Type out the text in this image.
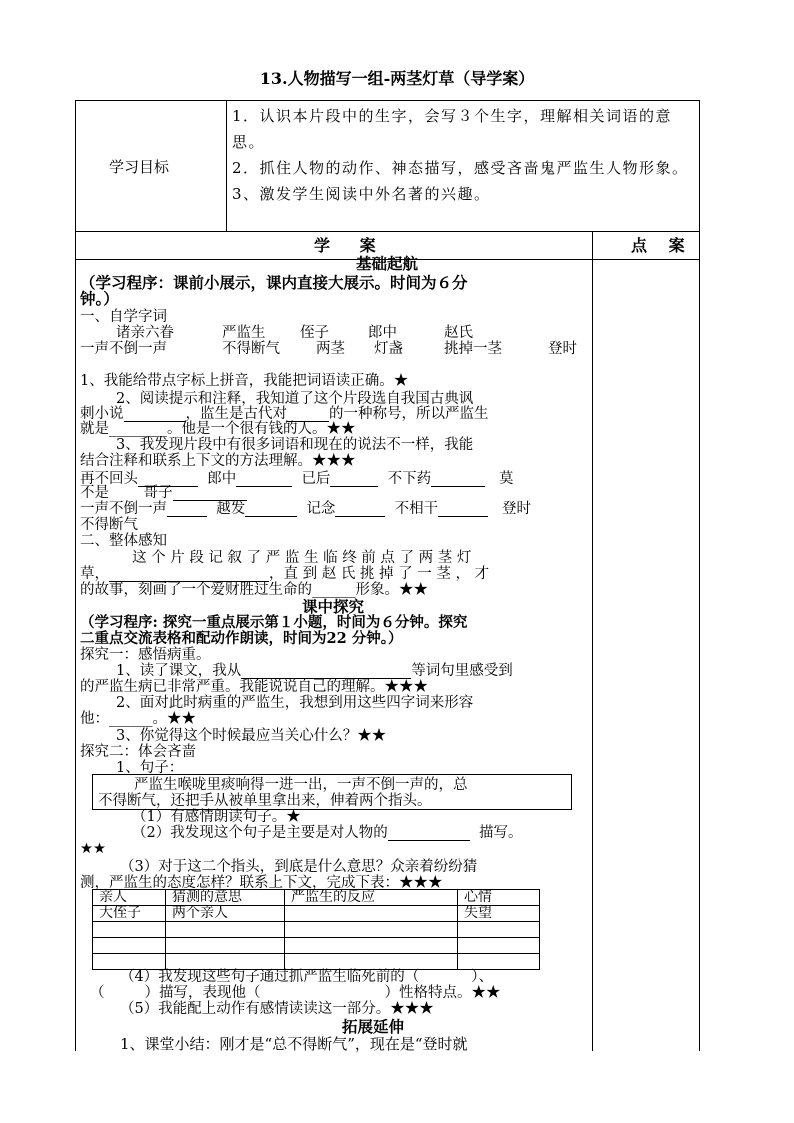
13.人物描写一组-两茎灯草（导学案）
学习目标
1．认识本片段中的生字，会写３个生字，理解相关词语的意思。
2．抓住人物的动作、神态描写，感受吝啬鬼严监生人物形象。
3、激发学生阅读中外名著的兴趣。
学 案	点 案
基础起航
（学习程序：课前小展示，课内直接大展示。时间为６分
钟。）
一、自学字词
诸亲六眷	严监生 侄子	郎中	赵氏
一声不倒一声	不得断气 两茎 灯盏	挑掉一茎	登时
1、我能给带点字标上拼音，我能把词语读正确。★
2、阅读提示和注释，我知道了这个片段选自我国古典讽
刺小说	，监生是古代对	的一种称号，所以严监生
就是________。他是一个很有钱的人。★★
3、我发现片段中有很多词语和现在的说法不一样，我能
结合注释和联系上下文的方法理解。★★★
再不回头	郎中	已后	不下药	莫
不是 哥子
一声不倒一声	越发	记念	不相干	登时
不得断气
二、整体感知
这 个 片 段 记 叙 了 严 监 生 临 终 前 点 了 两 茎 灯
草，	，直 到 赵 氏 挑 掉 了 一 茎 ， 才
的故事，刻画了一个爱财胜过生命的______形象。★★
课中探究
（学习程序: 探究一重点展示第１小题，时间为６分钟。探究
二重点交流表格和配动作朗读，时间为22 分钟。）
探究一：感悟病重。
1、读了课文，我从	等词句里感受到
的严监生病已非常严重。我能说说自己的理解。★★★
2、面对此时病重的严监生，我想到用这些四字词来形容
他：______。★★
3、你觉得这个时候最应当关心什么？★★
探究二：体会吝啬
1、句子：
严监生喉咙里痰响得一进一出，一声不倒一声的，总
不得断气，还把手从被单里拿出来，伸着两个指头。
（1）有感情朗读句子。★
（2）我发现这个句子是主要是对人物的	描写。
★★
（3）对于这二个指头，到底是什么意思？众亲着纷纷猜
测，严监生的态度怎样？联系上下文，完成下表：★★★
亲人	猜测的意思	严监生的反应	心情
大侄子	两个亲人		失望

（4）我发现这些句子通过抓严监生临死前的（	）、
（	）描写，表现他（	）性格特点。★★
（5）我能配上动作有感情读读这一部分。★★★
拓展延伸
1、课堂小结：刚才是“总不得断气”，现在是“登时就
